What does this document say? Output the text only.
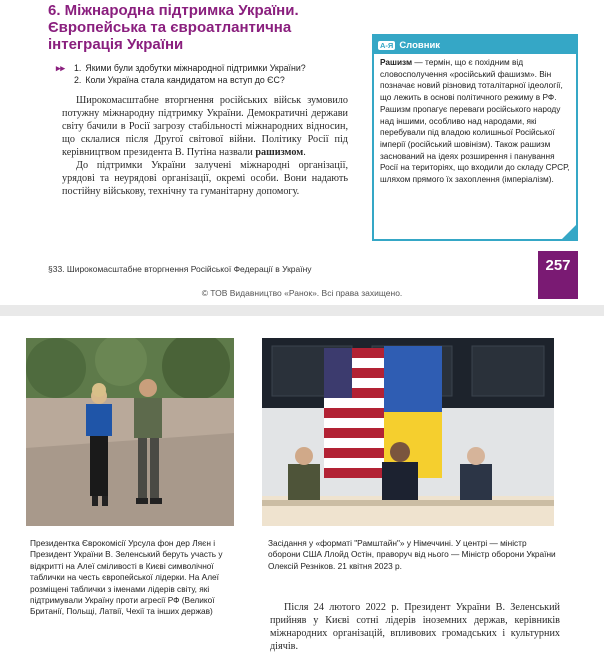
6. Міжнародна підтримка України. Європейська та євроатлантична інтеграція України
▸▸	1. Якими були здобутки міжнародної підтримки України?
2. Коли Україна стала кандидатом на вступ до ЄС?

Широкомасштабне вторгнення російських військ зумовило потужну міжнародну підтримку України. Демократичні держави світу бачили в Росії загрозу стабільності міжнародних відносин, що склалися після Другої світової війни. Політику Росії під керівництвом президента В. Путіна назвали рашизмом.

До підтримки України залучені міжнародні організації, урядові та неурядові організації, окремі особи. Вони надають постійну військову, технічну та гуманітарну допомогу.

А-Я Словник
Рашизм — термін, що є похідним від словосполучення «російський фашизм». Він позначає новий різновид тоталітарної ідеології, що лежить в основі політичного режиму в РФ. Рашизм пропагує переваги російського народу над іншими, особливо над народами, які перебували під владою колишньої Російської імперії (російський шовінізм). Також рашизм заснований на ідеях розширення і панування Росії на територіях, що входили до складу СРСР, шляхом прямого їх захоплення (імперіалізм).
§33. Широкомасштабне вторгнення Російської Федерації в Україну	257
© ТОВ Видавництво «Ранок». Всі права захищено.
Президентка Єврокомісії Урсула фон дер Ляєн і Президент України В. Зеленський беруть участь у відкритті на Алеї сміливості в Києві символічної таблички на честь європейської лідерки. На Алеї розміщені таблички з іменами лідерів світу, які підтримували Україну проти агресії РФ (Великої Британії, Польщі, Латвії, Чехії та інших держав)
Засідання у «форматі "Рамштайн"» у Німеччині. У центрі — міністр оборони США Ллойд Остін, праворуч від нього — Міністр оборони України Олексій Резніков. 21 квітня 2023 р.

Після 24 лютого 2022 р. Президент України В. Зеленський прийняв у Києві сотні лідерів іноземних держав, керівників міжнародних організацій, впливових громадських і культурних діячів.
